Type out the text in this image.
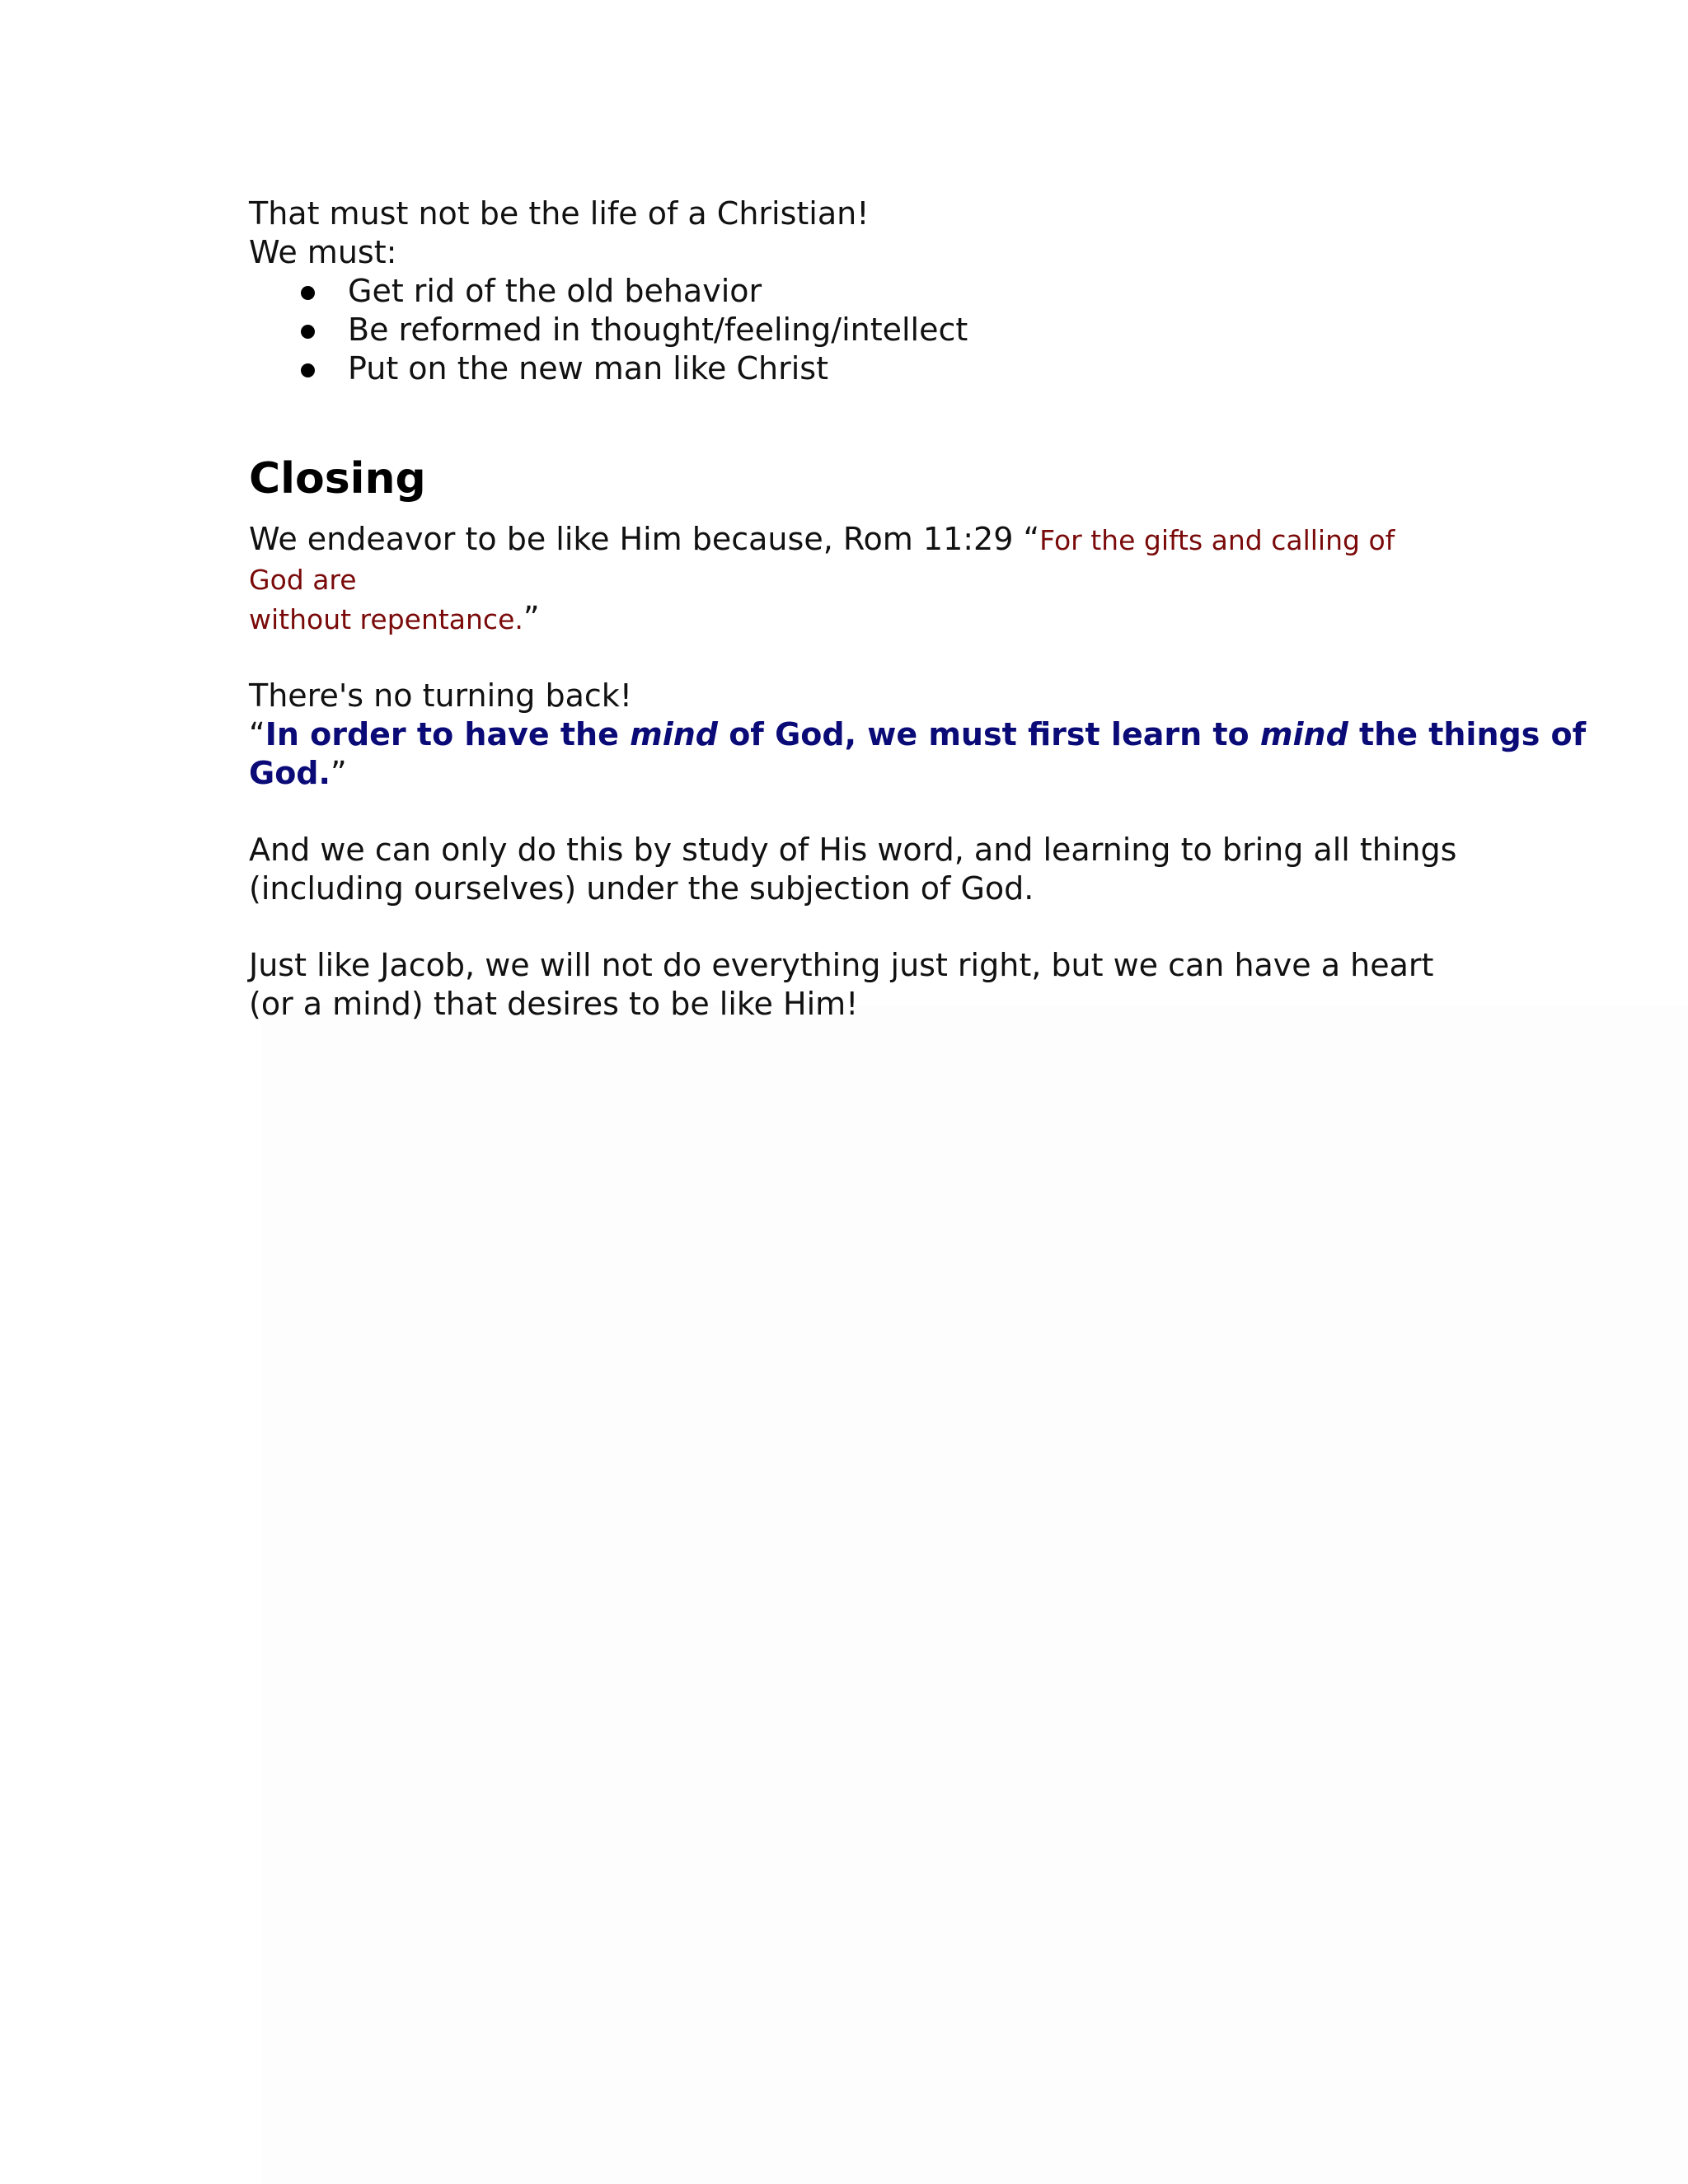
That must not be the life of a Christian!

We must:

Get rid of the old behavior
Be reformed in thought/feeling/intellect
Put on the new man like Christ
Closing

We endeavor to be like Him because, Rom 11:29 “For the gifts and calling of God are
without repentance.”

There's no turning back!

“In order to have the mind of God, we must first learn to mind the things of

God.”

And we can only do this by study of His word, and learning to bring all things

(including ourselves) under the subjection of God.

Just like Jacob, we will not do everything just right, but we can have a heart

(or a mind) that desires to be like Him!
